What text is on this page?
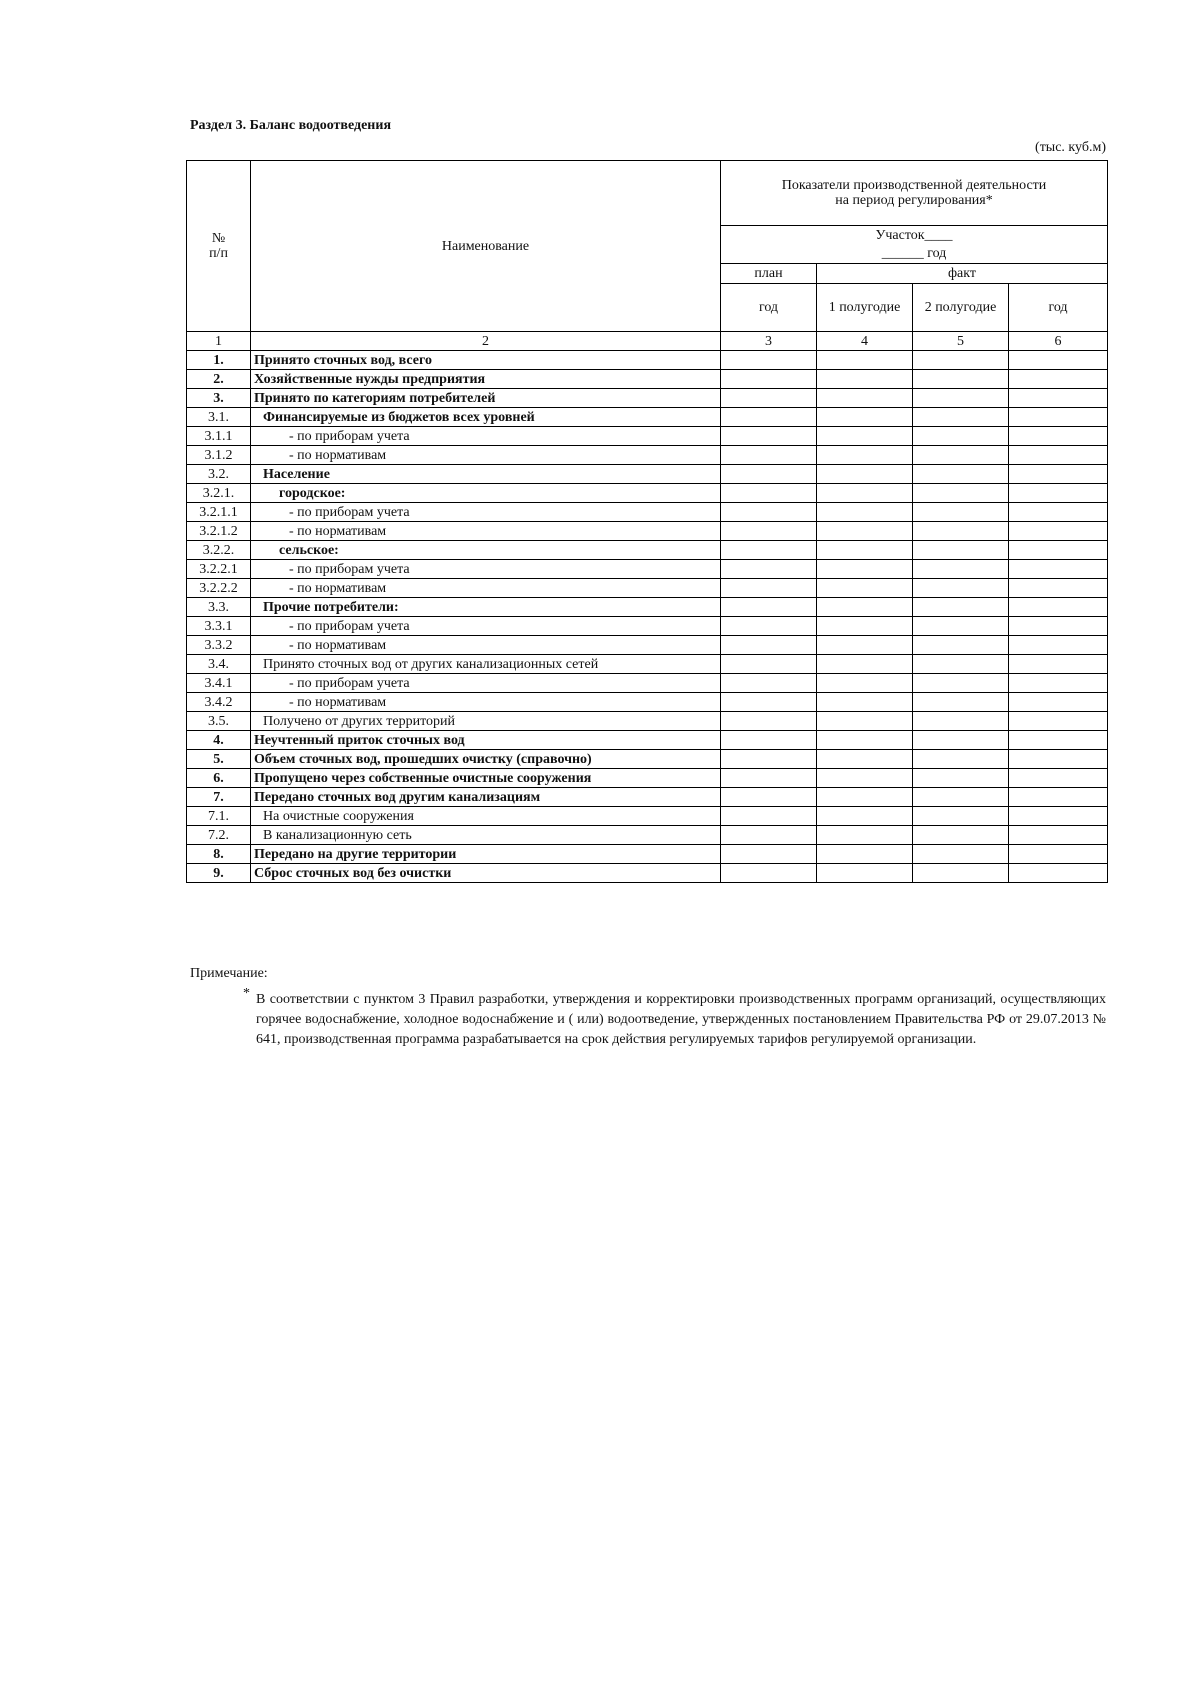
Раздел 3. Баланс водоотведения
(тыс. куб.м)
№
п/п	Наименование	Показатели производственной деятельности
на период регулирования*			
		Участок____			
		______ год			
		план	факт		
		год	1 полугодие	2 полугодие	год
1	2	3	4	5	6
1.	Принято сточных вод, всего				
2.	Хозяйственные нужды предприятия				
3.	Принято по категориям потребителей				
3.1.	Финансируемые из бюджетов всех уровней				
3.1.1	- по приборам учета				
3.1.2	- по нормативам				
3.2.	Население				
3.2.1.	городское:				
3.2.1.1	- по приборам учета				
3.2.1.2	- по нормативам				
3.2.2.	сельское:				
3.2.2.1	- по приборам учета				
3.2.2.2	- по нормативам				
3.3.	Прочие потребители:				
3.3.1	- по приборам учета				
3.3.2	- по нормативам				
3.4.	Принято сточных вод от других канализационных сетей				
3.4.1	- по приборам учета				
3.4.2	- по нормативам				
3.5.	Получено от других территорий				
4.	Неучтенный приток сточных вод				
5.	Объем сточных вод, прошедших очистку (справочно)				
6.	Пропущено через собственные очистные сооружения				
7.	Передано сточных вод другим канализациям				
7.1.	На очистные сооружения				
7.2.	В канализационную сеть				
8.	Передано на другие территории				
9.	Сброс сточных вод без очистки				
Примечание:
* В соответствии с пунктом 3 Правил разработки, утверждения и корректировки производственных программ организаций, осуществляющих горячее водоснабжение, холодное водоснабжение и ( или) водоотведение, утвержденных постановлением Правительства РФ от 29.07.2013 № 641, производственная программа разрабатывается на срок действия регулируемых тарифов регулируемой организации.
